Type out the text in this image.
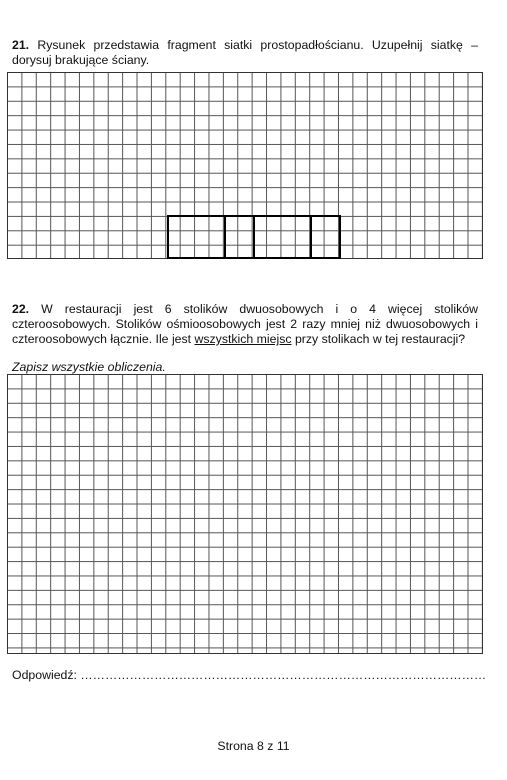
21. Rysunek przedstawia fragment siatki prostopadłościanu. Uzupełnij siatkę – dorysuj brakujące ściany.
22. W restauracji jest 6 stolików dwuosobowych i o 4 więcej stolików czteroosobowych. Stolików ośmioosobowych jest 2 razy mniej niż dwuosobowych i czteroosobowych łącznie. Ile jest wszystkich miejsc przy stolikach w tej restauracji?
Zapisz wszystkie obliczenia.
Odpowiedź: ………………………………………………………………………………………
Strona 8 z 11
